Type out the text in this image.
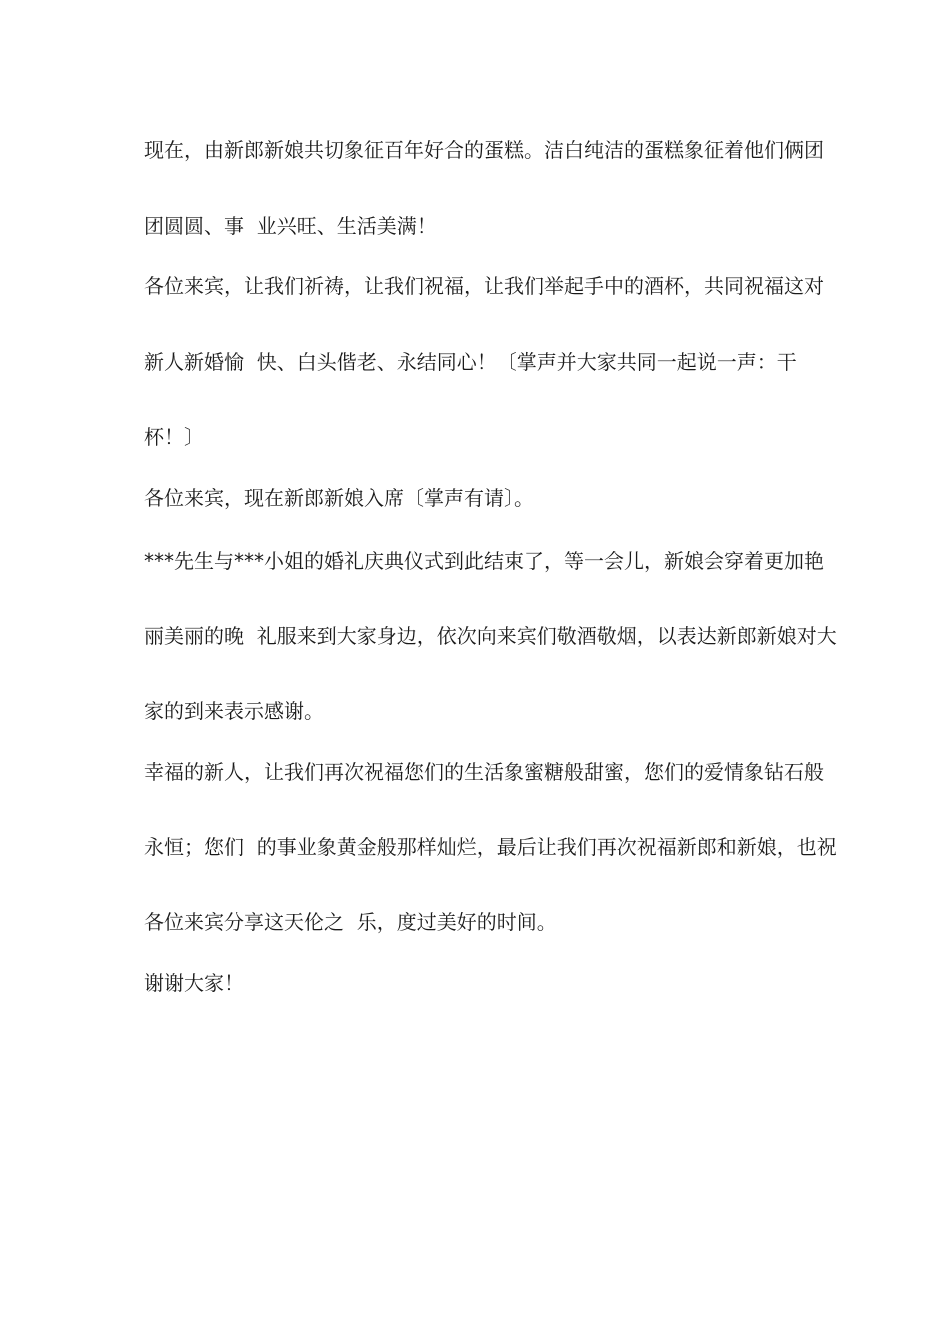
现在，由新郎新娘共切象征百年好合的蛋糕。洁白纯洁的蛋糕象征着他们俩团

团圆圆、事  业兴旺、生活美满！

各位来宾，让我们祈祷，让我们祝福，让我们举起手中的酒杯，共同祝福这对

新人新婚愉  快、白头偕老、永结同心！〔掌声并大家共同一起说一声：干

杯！〕

各位来宾，现在新郎新娘入席〔掌声有请〕。

***先生与***小姐的婚礼庆典仪式到此结束了，等一会儿，新娘会穿着更加艳

丽美丽的晚  礼服来到大家身边，依次向来宾们敬酒敬烟，以表达新郎新娘对大

家的到来表示感谢。

幸福的新人，让我们再次祝福您们的生活象蜜糖般甜蜜，您们的爱情象钻石般

永恒；您们  的事业象黄金般那样灿烂，最后让我们再次祝福新郎和新娘，也祝

各位来宾分享这天伦之  乐，度过美好的时间。

谢谢大家！
